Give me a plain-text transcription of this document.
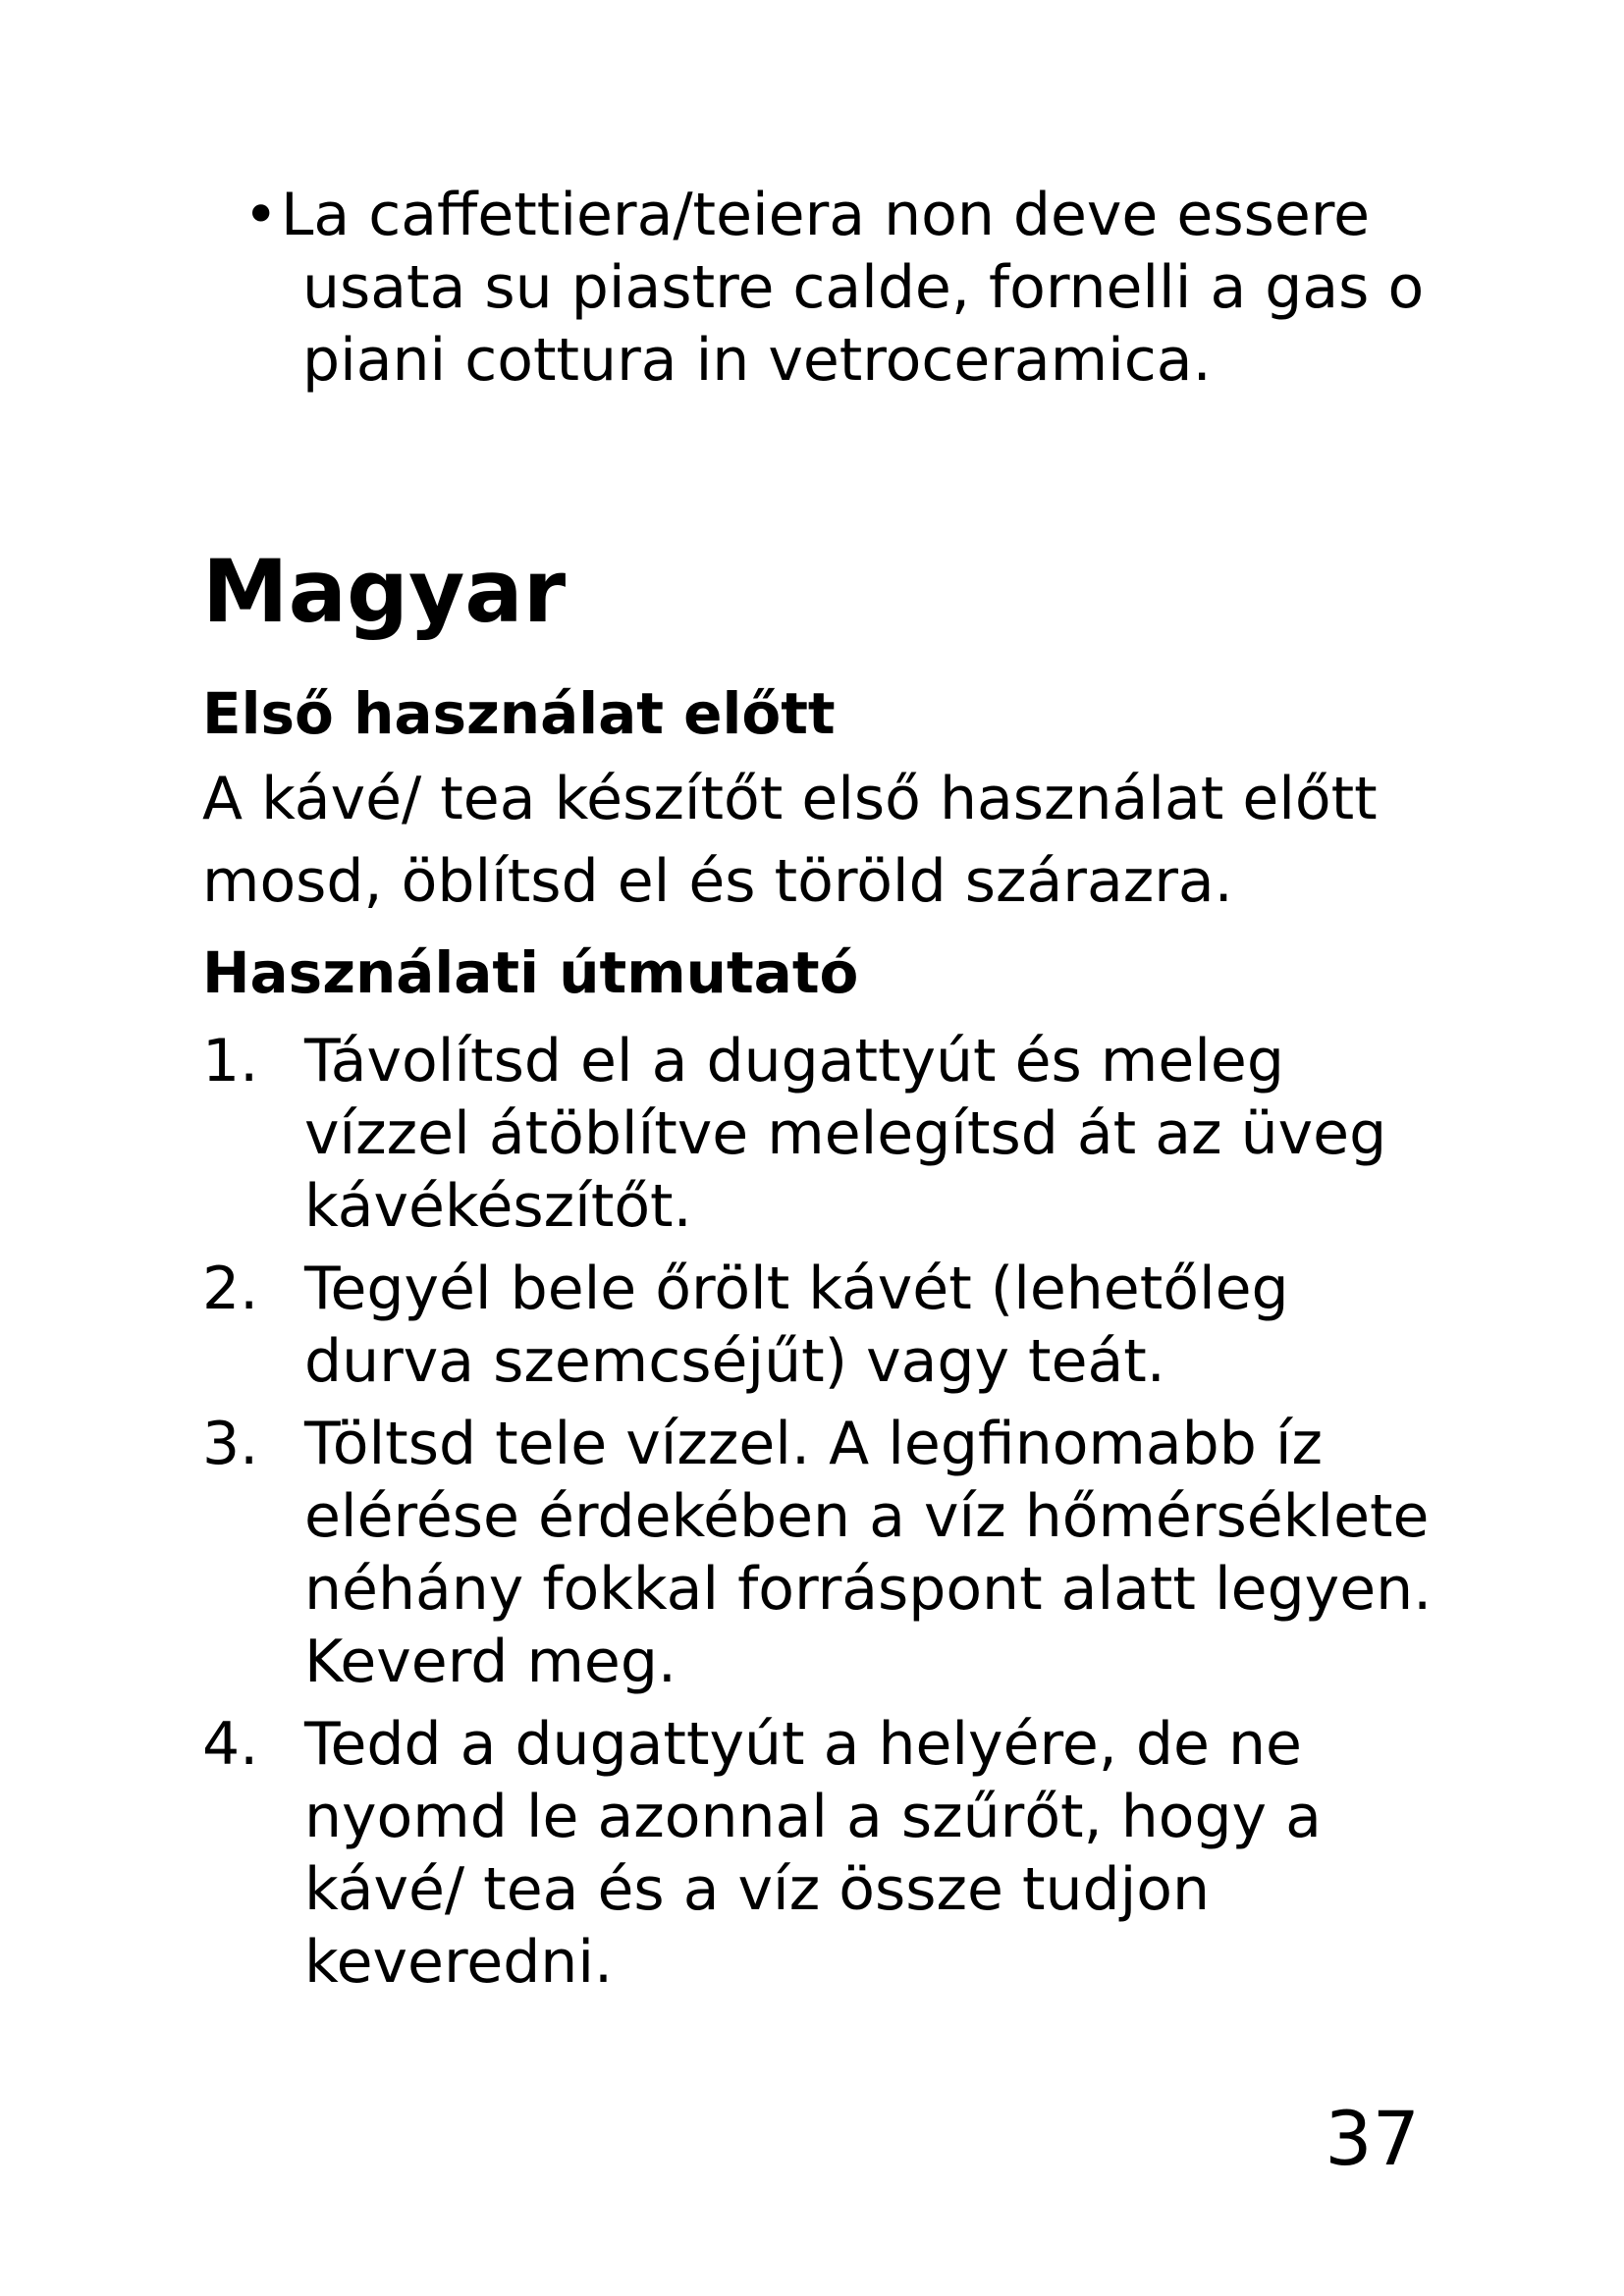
• La caffettiera/teiera non deve essere
usata su piastre calde, fornelli a gas o piani cottura in vetroceramica.
Magyar
Első használat előtt

A kávé/ tea készítőt első használat előtt mosd, öblítsd el és töröld szárazra.

Használati útmutató
1. Távolítsd el a dugattyút és meleg vízzel átöblítve melegítsd át az üveg kávékészítőt.
2. Tegyél bele őrölt kávét (lehetőleg durva szemcséjűt) vagy teát.
3. Töltsd tele vízzel. A legfinomabb íz elérése érdekében a víz hőmérséklete néhány fokkal forráspont alatt legyen. Keverd meg.
4. Tedd a dugattyút a helyére, de ne nyomd le azonnal a szűrőt, hogy a kávé/ tea és a víz össze tudjon keveredni.
37
